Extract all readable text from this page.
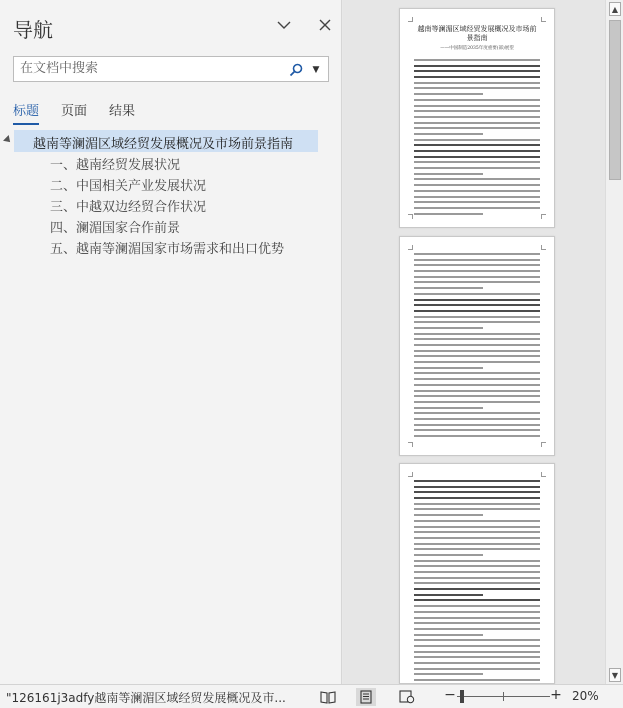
导航
在文档中搜索
▼
标题 页面 结果
越南等澜湄区域经贸发展概况及市场前景指南
一、越南经贸发展状况
二、中国相关产业发展状况
三、中越双边经贸合作状况
四、澜湄国家合作前景
五、越南等澜湄国家市场需求和出口优势
越南等澜湄区域经贸发展概况及市场前景指南
——中国制造2035年度重要(部)展望
▲
▼
"126161j3adfy越南等澜湄区域经贸发展概况及市...	−	+ 20%
